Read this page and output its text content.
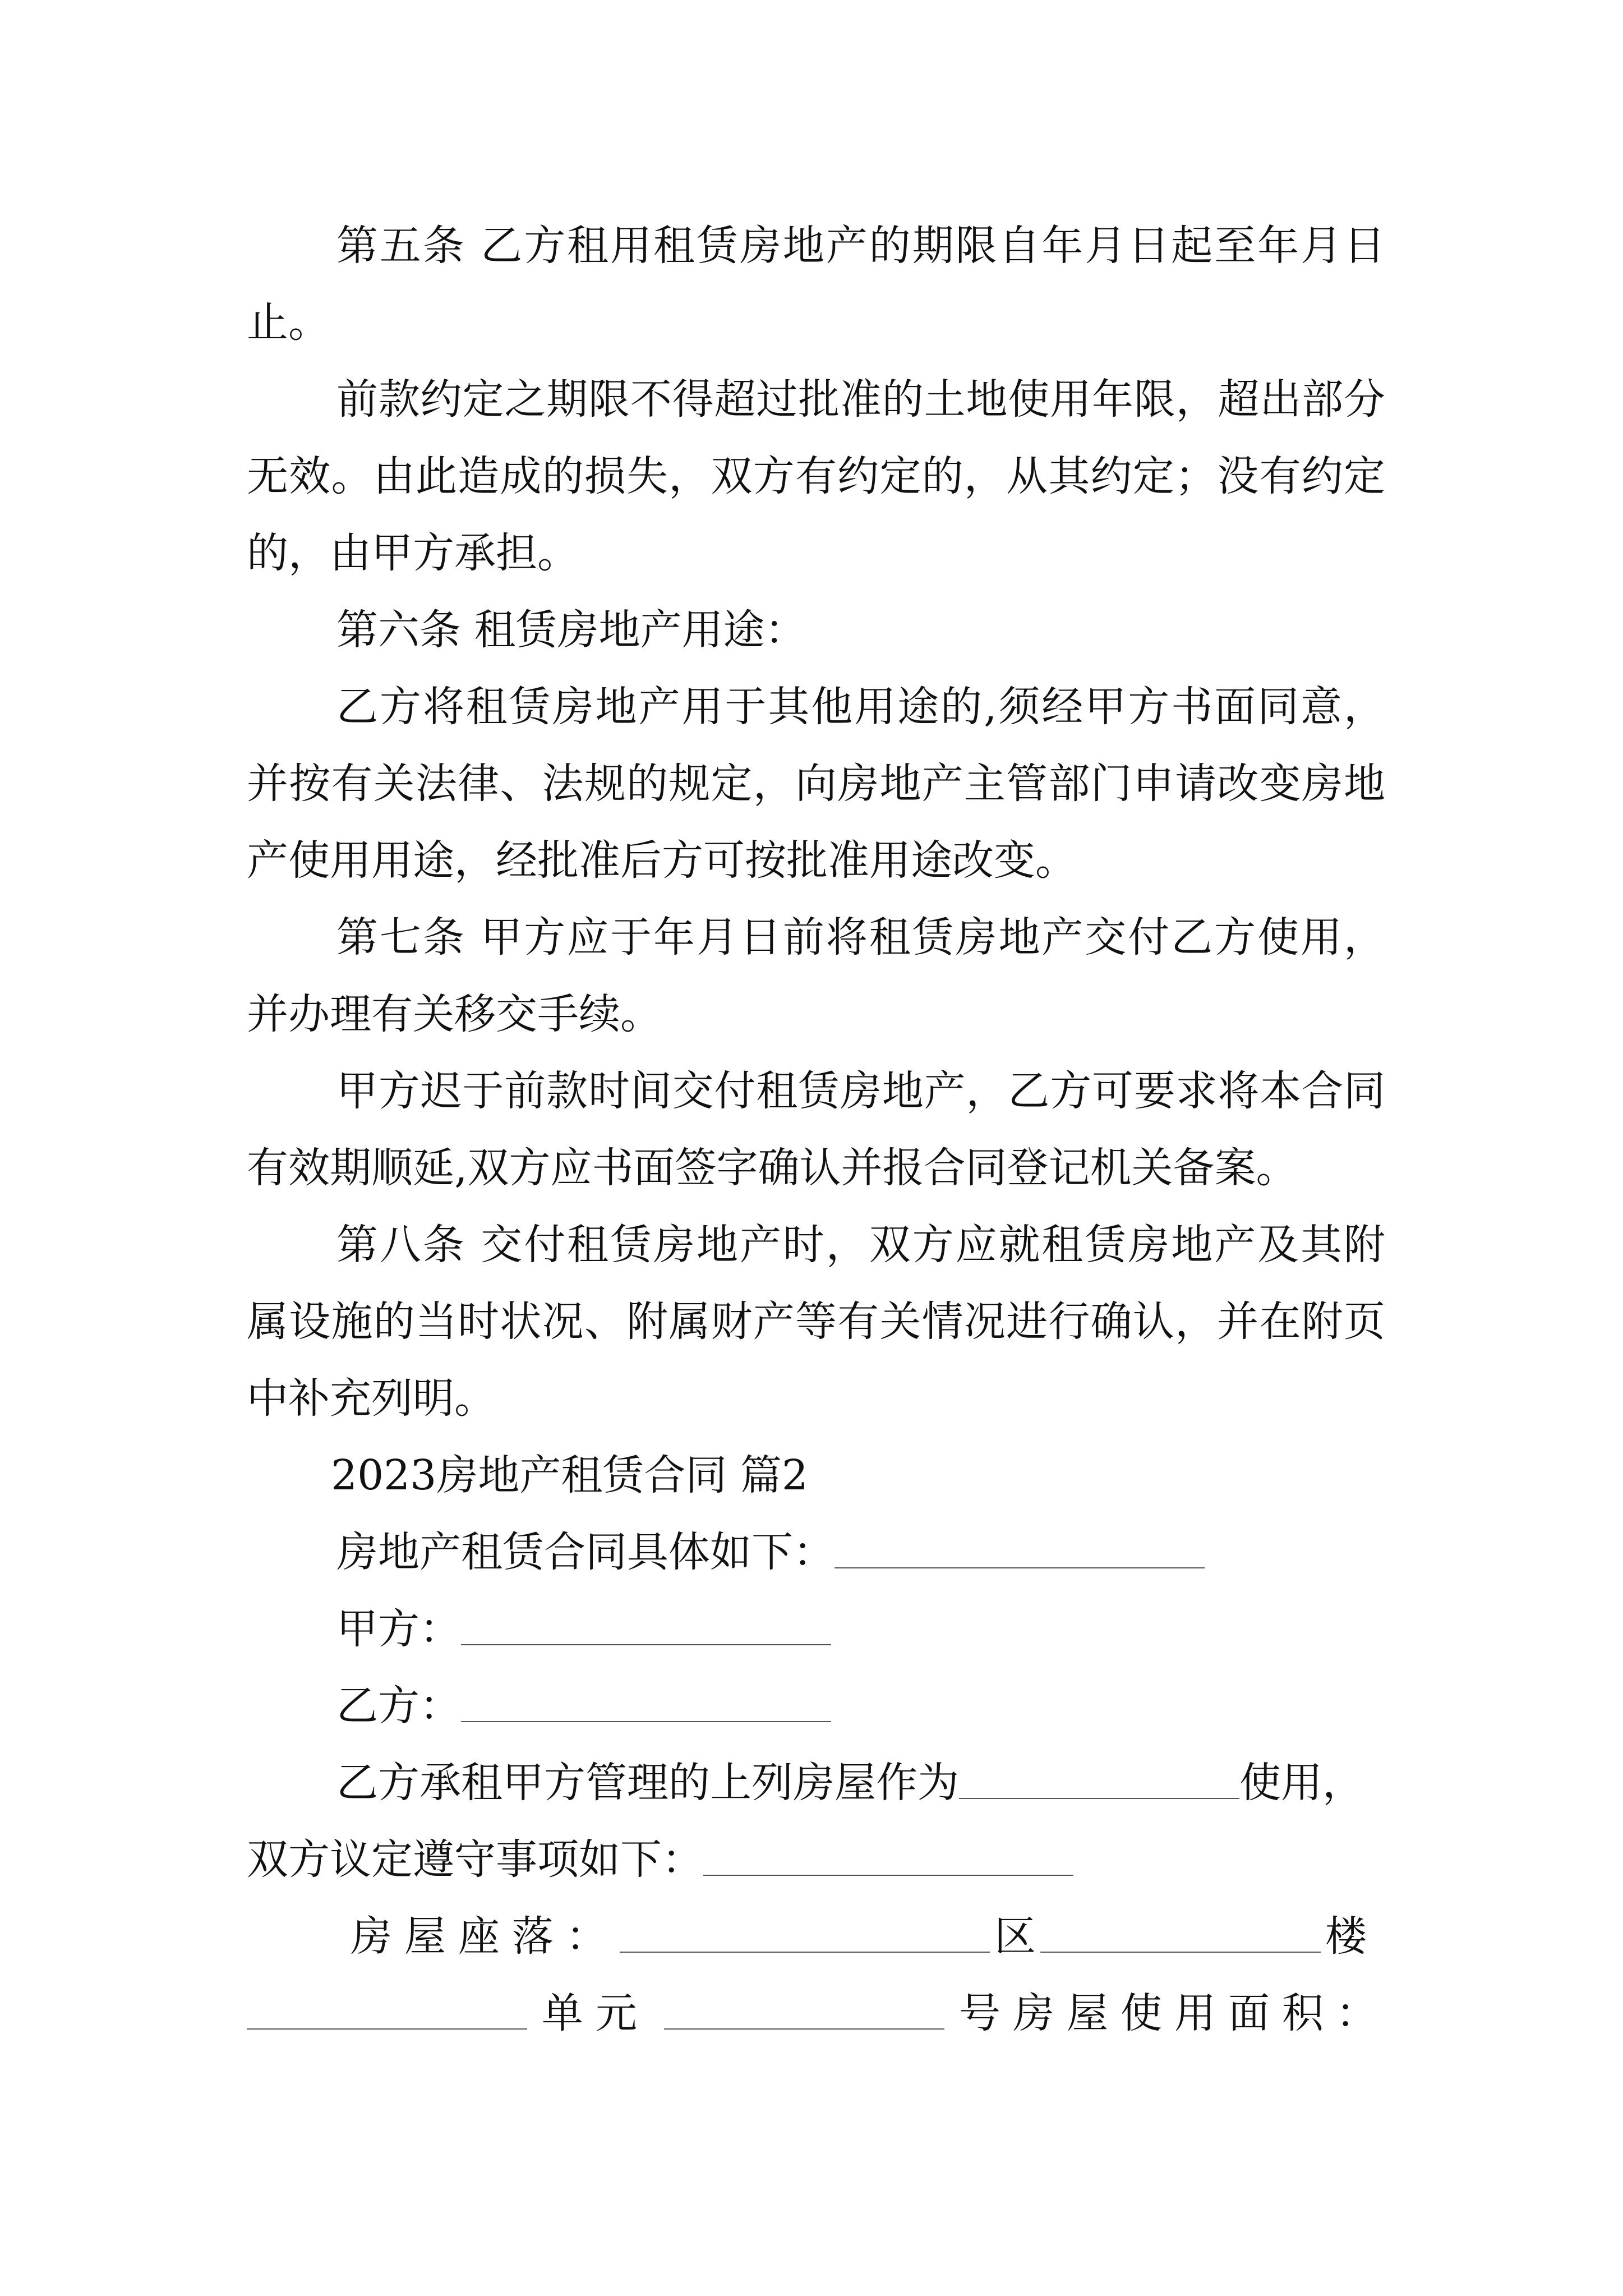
第五条 乙方租用租赁房地产的期限自年月日起至年月日止。

前款约定之期限不得超过批准的土地使用年限，超出部分无效。由此造成的损失，双方有约定的，从其约定；没有约定的，由甲方承担。

第六条 租赁房地产用途：

乙方将租赁房地产用于其他用途的,须经甲方书面同意，并按有关法律、法规的规定，向房地产主管部门申请改变房地产使用用途，经批准后方可按批准用途改变。

第七条 甲方应于年月日前将租赁房地产交付乙方使用，并办理有关移交手续。

甲方迟于前款时间交付租赁房地产，乙方可要求将本合同有效期顺延,双方应书面签字确认并报合同登记机关备案。

第八条 交付租赁房地产时，双方应就租赁房地产及其附属设施的当时状况、附属财产等有关情况进行确认，并在附页中补充列明。

2023房地产租赁合同 篇2
房地产租赁合同具体如下：
甲方：
乙方：
乙方承租甲方管理的上列房屋作为	使用，
双方议定遵守事项如下：
房屋座落：	区	楼
单元	号房屋使用面积：
